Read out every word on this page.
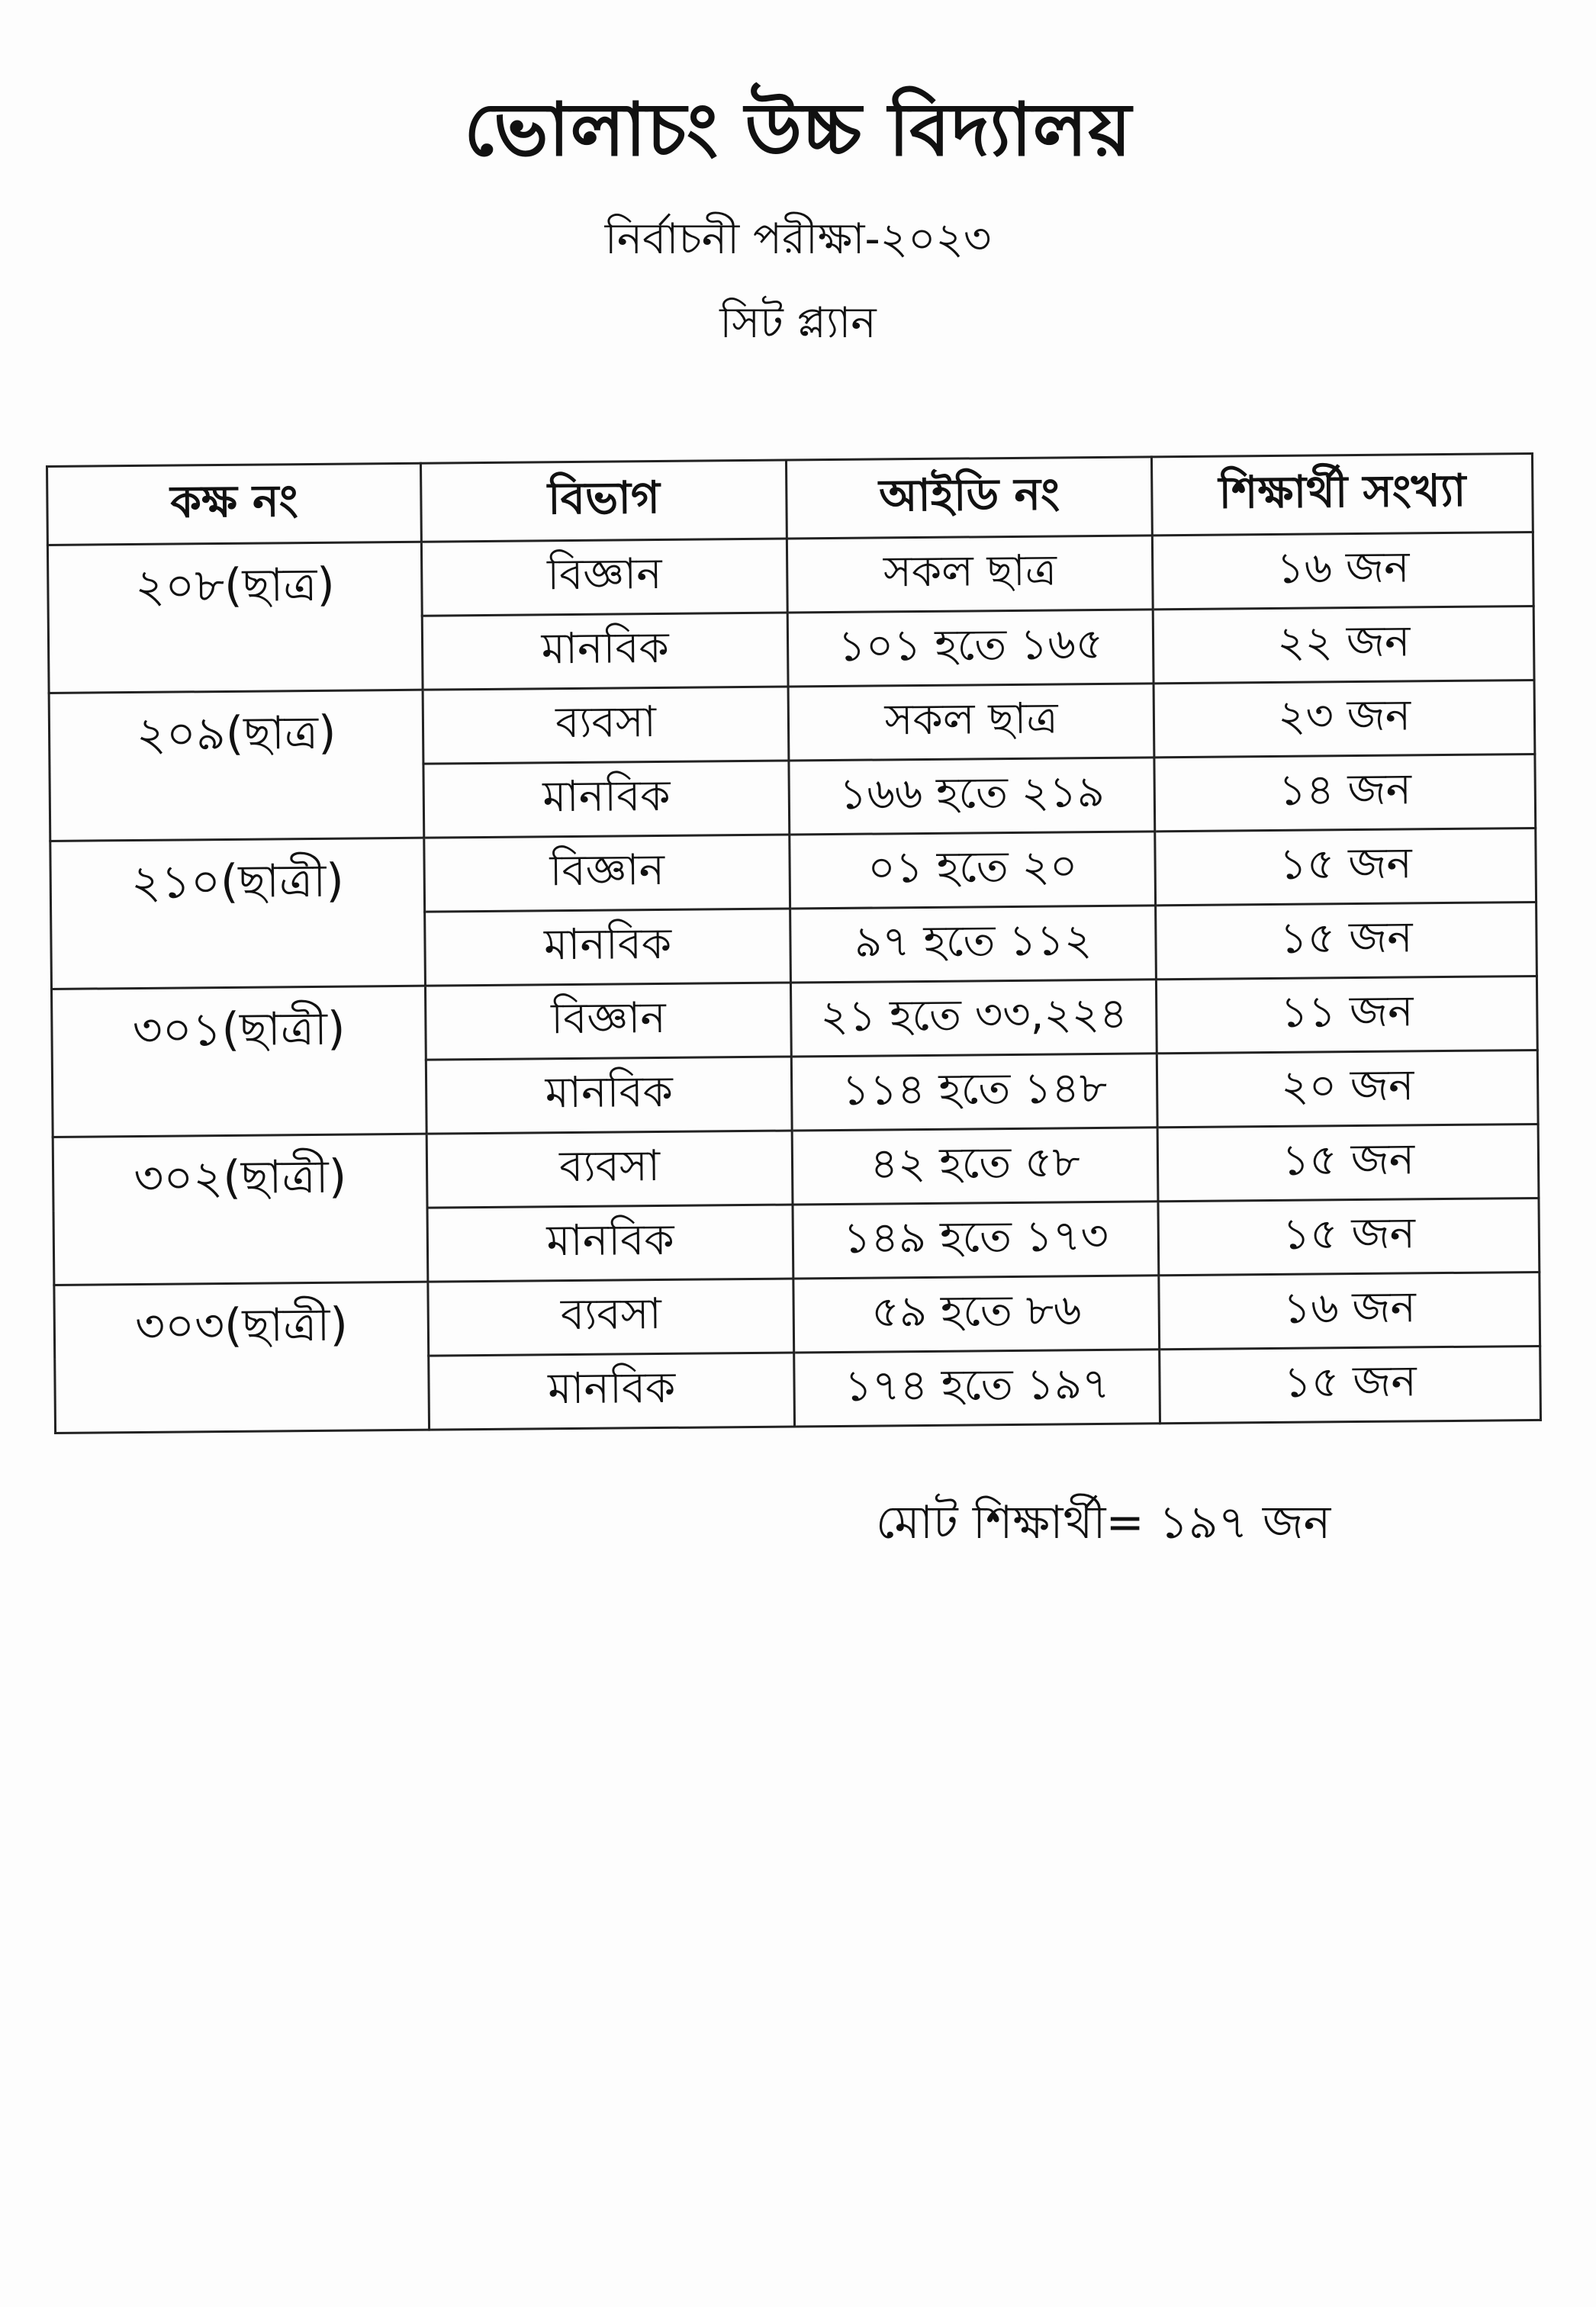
ভোলাচং উচ্চ বিদ্যালয়
নির্বাচনী পরীক্ষা-২০২৩
সিট প্ল্যান
কক্ষ নং	বিভাগ	আইডি নং	শিক্ষার্থী সংখ্যা
২০৮(ছাত্র)	বিজ্ঞান	সকল ছাত্র	১৬ জন
	মানবিক	১০১ হতে ১৬৫	২২ জন
২০৯(ছাত্র)	ব্যবসা	সকল ছাত্র	২৩ জন
	মানবিক	১৬৬ হতে ২১৯	১৪ জন
২১০(ছাত্রী)	বিজ্ঞান	০১ হতে ২০	১৫ জন
	মানবিক	৯৭ হতে ১১২	১৫ জন
৩০১(ছাত্রী)	বিজ্ঞান	২১ হতে ৩৩,২২৪	১১ জন
	মানবিক	১১৪ হতে ১৪৮	২০ জন
৩০২(ছাত্রী)	ব্যবসা	৪২ হতে ৫৮	১৫ জন
	মানবিক	১৪৯ হতে ১৭৩	১৫ জন
৩০৩(ছাত্রী)	ব্যবসা	৫৯ হতে ৮৬	১৬ জন
	মানবিক	১৭৪ হতে ১৯৭	১৫ জন
মোট শিক্ষার্থী= ১৯৭ জন
